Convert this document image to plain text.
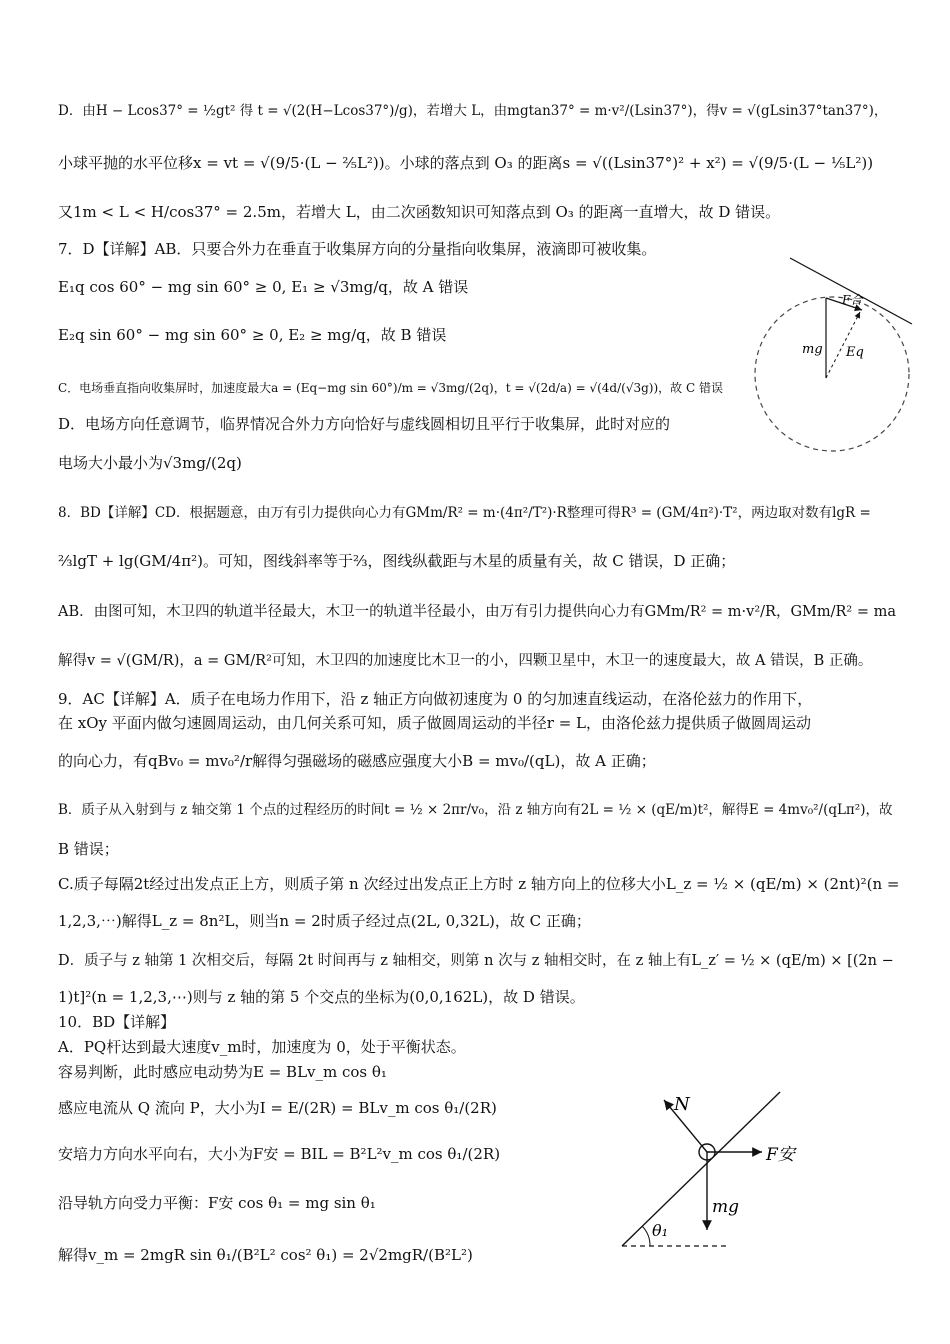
D．由H − Lcos37° = ½gt² 得 t = √(2(H−Lcos37°)/g)，若增大 L，由mgtan37° = m·v²/(Lsin37°)，得v = √(gLsin37°tan37°)，
小球平抛的水平位移x = vt = √(9/5·(L − ⅖L²))。小球的落点到 O₃ 的距离s = √((Lsin37°)² + x²) = √(9/5·(L − ⅕L²))
又1m < L < H/cos37° = 2.5m，若增大 L，由二次函数知识可知落点到 O₃ 的距离一直增大，故 D 错误。
7．D【详解】AB．只要合外力在垂直于收集屏方向的分量指向收集屏，液滴即可被收集。
E₁q cos 60° − mg sin 60° ≥ 0, E₁ ≥ √3mg/q，故 A 错误
E₂q sin 60° − mg sin 60° ≥ 0, E₂ ≥ mg/q，故 B 错误
C．电场垂直指向收集屏时，加速度最大a = (Eq−mg sin 60°)/m = √3mg/(2q)，t = √(2d/a) = √(4d/(√3g))，故 C 错误
D．电场方向任意调节，临界情况合外力方向恰好与虚线圆相切且平行于收集屏，此时对应的
电场大小最小为√3mg/(2q)
8．BD【详解】CD．根据题意，由万有引力提供向心力有GMm/R² = m·(4π²/T²)·R整理可得R³ = (GM/4π²)·T²，两边取对数有lgR =
⅔lgT + lg(GM/4π²)。可知，图线斜率等于⅔，图线纵截距与木星的质量有关，故 C 错误，D 正确；
AB．由图可知，木卫四的轨道半径最大，木卫一的轨道半径最小，由万有引力提供向心力有GMm/R² = m·v²/R，GMm/R² = ma
解得v = √(GM/R)，a = GM/R²可知，木卫四的加速度比木卫一的小，四颗卫星中，木卫一的速度最大，故 A 错误，B 正确。
9．AC【详解】A．质子在电场力作用下，沿 z 轴正方向做初速度为 0 的匀加速直线运动，在洛伦兹力的作用下，
在 xOy 平面内做匀速圆周运动，由几何关系可知，质子做圆周运动的半径r = L，由洛伦兹力提供质子做圆周运动
的向心力，有qBv₀ = mv₀²/r解得匀强磁场的磁感应强度大小B = mv₀/(qL)，故 A 正确；
B．质子从入射到与 z 轴交第 1 个点的过程经历的时间t = ½ × 2πr/v₀，沿 z 轴方向有2L = ½ × (qE/m)t²，解得E = 4mv₀²/(qLπ²)，故
B 错误；
C.质子每隔2t经过出发点正上方，则质子第 n 次经过出发点正上方时 z 轴方向上的位移大小L_z = ½ × (qE/m) × (2nt)²(n =
1,2,3,⋯)解得L_z = 8n²L，则当n = 2时质子经过点(2L, 0,32L)，故 C 正确；
D．质子与 z 轴第 1 次相交后，每隔 2t 时间再与 z 轴相交，则第 n 次与 z 轴相交时，在 z 轴上有L_z′ = ½ × (qE/m) × [(2n −
1)t]²(n = 1,2,3,⋯)则与 z 轴的第 5 个交点的坐标为(0,0,162L)，故 D 错误。
10．BD【详解】
A．PQ杆达到最大速度v_m时，加速度为 0，处于平衡状态。
容易判断，此时感应电动势为E = BLv_m cos θ₁
感应电流从 Q 流向 P，大小为I = E/(2R) = BLv_m cos θ₁/(2R)
安培力方向水平向右，大小为F安 = BIL = B²L²v_m cos θ₁/(2R)
沿导轨方向受力平衡：F安 cos θ₁ = mg sin θ₁
解得v_m = 2mgR sin θ₁/(B²L² cos² θ₁) = 2√2mgR/(B²L²)
F合
mg Eq
N
F安
mg
θ₁
